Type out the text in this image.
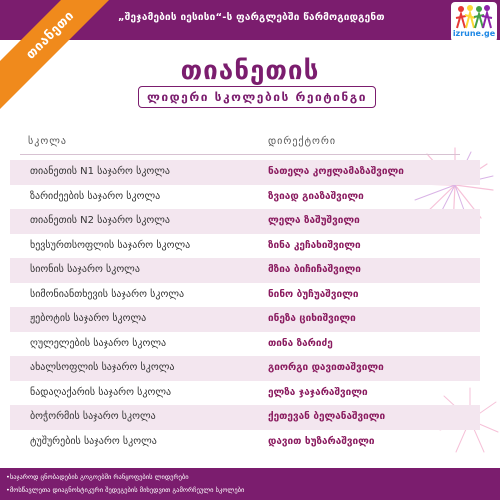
„შეჯამების იესისი“-ს ფარგლებში წარმოგიდგენთ
თიანეთი	izrune.ge
თიანეთის
ლიდერი სკოლების რეიტინგი
სკოლა	დირექტორი
თიანეთის N1 საჯარო სკოლა	ნათელა კოჟლამაზაშვილი
ზარიძეების საჯარო სკოლა	ზვიად გიაზაშვილი
თიანეთის N2 საჯარო სკოლა	ლელა ზაშუშვილი
ხევსურთსოფლის საჯარო სკოლა	ზინა კეჩახიშვილი
სიონის საჯარო სკოლა	მზია ბიჩიჩაშვილი
სიმონიანთხევის საჯარო სკოლა	ნინო ბუჩუაშვილი
ჟებოტის საჯარო სკოლა	ინეზა ციხიშვილი
ღულელების საჯარო სკოლა	თინა ზარიძე
ახალსოფლის საჯარო სკოლა	გიორგი დავითაშვილი
ნადაღაქარის საჯარო სკოლა	ელზა ჯაჯარაშვილი
ბოჭორმის საჯარო სკოლა	ქეთევან ბელანაშვილი
ტუშურების საჯარო სკოლა	დავით ხუზარაშვილი
•საჯაროდ ცნობადების გოგოებში რანყოფების ლიდერები
•მოსწავლეთა დიაგნოსტიკური შედეგების მიხედვით გამორჩეული სკოლები
